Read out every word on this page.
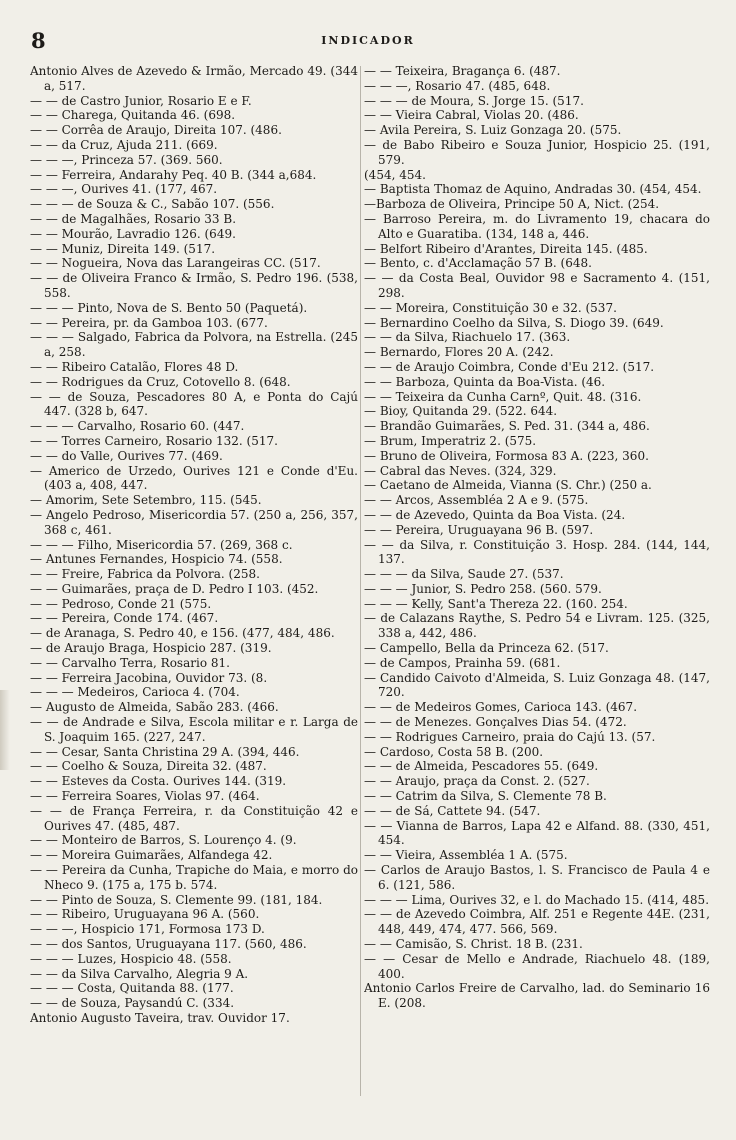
8	INDICADOR

Antonio Alves de Azevedo & Irmão, Mercado 49. (344 a, 517.

— — de Castro Junior, Rosario E e F.

— — Charega, Quitanda 46. (698.

— — Corrêa de Araujo, Direita 107. (486.

— — da Cruz, Ajuda 211. (669.

— — —, Princeza 57. (369. 560.

— — Ferreira, Andarahy Peq. 40 B. (344 a,684.

— — —, Ourives 41. (177, 467.

— — — de Souza & C., Sabão 107. (556.

— — de Magalhães, Rosario 33 B.

— — Mourão, Lavradio 126. (649.

— — Muniz, Direita 149. (517.

— — Nogueira, Nova das Larangeiras CC. (517.

— — de Oliveira Franco & Irmão, S. Pedro 196. (538, 558.

— — — Pinto, Nova de S. Bento 50 (Paquetá).

— — Pereira, pr. da Gamboa 103. (677.

— — — Salgado, Fabrica da Polvora, na Estrella. (245 a, 258.

— — Ribeiro Catalão, Flores 48 D.

— — Rodrigues da Cruz, Cotovello 8. (648.

— — de Souza, Pescadores 80 A, e Ponta do Cajú 447. (328 b, 647.

— — — Carvalho, Rosario 60. (447.

— — Torres Carneiro, Rosario 132. (517.

— — do Valle, Ourives 77. (469.

— Americo de Urzedo, Ourives 121 e Conde d'Eu. (403 a, 408, 447.

— Amorim, Sete Setembro, 115. (545.

— Angelo Pedroso, Misericordia 57. (250 a, 256, 357, 368 c, 461.

— — — Filho, Misericordia 57. (269, 368 c.

— Antunes Fernandes, Hospicio 74. (558.

— — Freire, Fabrica da Polvora. (258.

— — Guimarães, praça de D. Pedro I 103. (452.

— — Pedroso, Conde 21 (575.

— — Pereira, Conde 174. (467.

— de Aranaga, S. Pedro 40, e 156. (477, 484, 486.

— de Araujo Braga, Hospicio 287. (319.

— — Carvalho Terra, Rosario 81.

— — Ferreira Jacobina, Ouvidor 73. (8.

— — — Medeiros, Carioca 4. (704.

— Augusto de Almeida, Sabão 283. (466.

— — de Andrade e Silva, Escola militar e r. Larga de S. Joaquim 165. (227, 247.

— — Cesar, Santa Christina 29 A. (394, 446.

— — Coelho & Souza, Direita 32. (487.

— — Esteves da Costa. Ourives 144. (319.

— — Ferreira Soares, Violas 97. (464.

— — de França Ferreira, r. da Constituição 42 e Ourives 47. (485, 487.

— — Monteiro de Barros, S. Lourenço 4. (9.

— — Moreira Guimarães, Alfandega 42.

— — Pereira da Cunha, Trapiche do Maia, e morro do Nheco 9. (175 a, 175 b. 574.

— — Pinto de Souza, S. Clemente 99. (181, 184.

— — Ribeiro, Uruguayana 96 A. (560.

— — —, Hospicio 171, Formosa 173 D.

— — dos Santos, Uruguayana 117. (560, 486.

— — — Luzes, Hospicio 48. (558.

— — da Silva Carvalho, Alegria 9 A.

— — — Costa, Quitanda 88. (177.

— — de Souza, Paysandú C. (334.

Antonio Augusto Taveira, trav. Ouvidor 17.

— — Teixeira, Bragança 6. (487.

— — —, Rosario 47. (485, 648.

— — — de Moura, S. Jorge 15. (517.

— — Vieira Cabral, Violas 20. (486.

— Avila Pereira, S. Luiz Gonzaga 20. (575.

— de Babo Ribeiro e Souza Junior, Hospicio 25. (191, 579.

(454, 454.

— Baptista Thomaz de Aquino, Andradas 30. (454, 454.

—Barboza de Oliveira, Principe 50 A, Nict. (254.

— Barroso Pereira, m. do Livramento 19, chacara do Alto e Guaratiba. (134, 148 a, 446.

— Belfort Ribeiro d'Arantes, Direita 145. (485.

— Bento, c. d'Acclamação 57 B. (648.

— — da Costa Beal, Ouvidor 98 e Sacramento 4. (151, 298.

— — Moreira, Constituição 30 e 32. (537.

— Bernardino Coelho da Silva, S. Diogo 39. (649.

— — da Silva, Riachuelo 17. (363.

— Bernardo, Flores 20 A. (242.

— — de Araujo Coimbra, Conde d'Eu 212. (517.

— — Barboza, Quinta da Boa-Vista. (46.

— — Teixeira da Cunha Carnº, Quit. 48. (316.

— Bioy, Quitanda 29. (522. 644.

— Brandão Guimarães, S. Ped. 31. (344 a, 486.

— Brum, Imperatriz 2. (575.

— Bruno de Oliveira, Formosa 83 A. (223, 360.

— Cabral das Neves. (324, 329.

— Caetano de Almeida, Vianna (S. Chr.) (250 a.

— — Arcos, Assembléa 2 A e 9. (575.

— — de Azevedo, Quinta da Boa Vista. (24.

— — Pereira, Uruguayana 96 B. (597.

— — da Silva, r. Constituição 3. Hosp. 284. (144, 144, 137.

— — — da Silva, Saude 27. (537.

— — — Junior, S. Pedro 258. (560. 579.

— — — Kelly, Sant'a Thereza 22. (160. 254.

— de Calazans Raythe, S. Pedro 54 e Livram. 125. (325, 338 a, 442, 486.

— Campello, Bella da Princeza 62. (517.

— de Campos, Prainha 59. (681.

— Candido Caivoto d'Almeida, S. Luiz Gonzaga 48. (147, 720.

— — de Medeiros Gomes, Carioca 143. (467.

— — de Menezes. Gonçalves Dias 54. (472.

— — Rodrigues Carneiro, praia do Cajú 13. (57.

— Cardoso, Costa 58 B. (200.

— — de Almeida, Pescadores 55. (649.

— — Araujo, praça da Const. 2. (527.

— — Catrim da Silva, S. Clemente 78 B.

— — de Sá, Cattete 94. (547.

— — Vianna de Barros, Lapa 42 e Alfand. 88. (330, 451, 454.

— — Vieira, Assembléa 1 A. (575.

— Carlos de Araujo Bastos, l. S. Francisco de Paula 4 e 6. (121, 586.

— — — Lima, Ourives 32, e l. do Machado 15. (414, 485.

— — de Azevedo Coimbra, Alf. 251 e Regente 44E. (231, 448, 449, 474, 477. 566, 569.

— — Camisão, S. Christ. 18 B. (231.

— — Cesar de Mello e Andrade, Riachuelo 48. (189, 400.

Antonio Carlos Freire de Carvalho, lad. do Seminario 16 E. (208.
